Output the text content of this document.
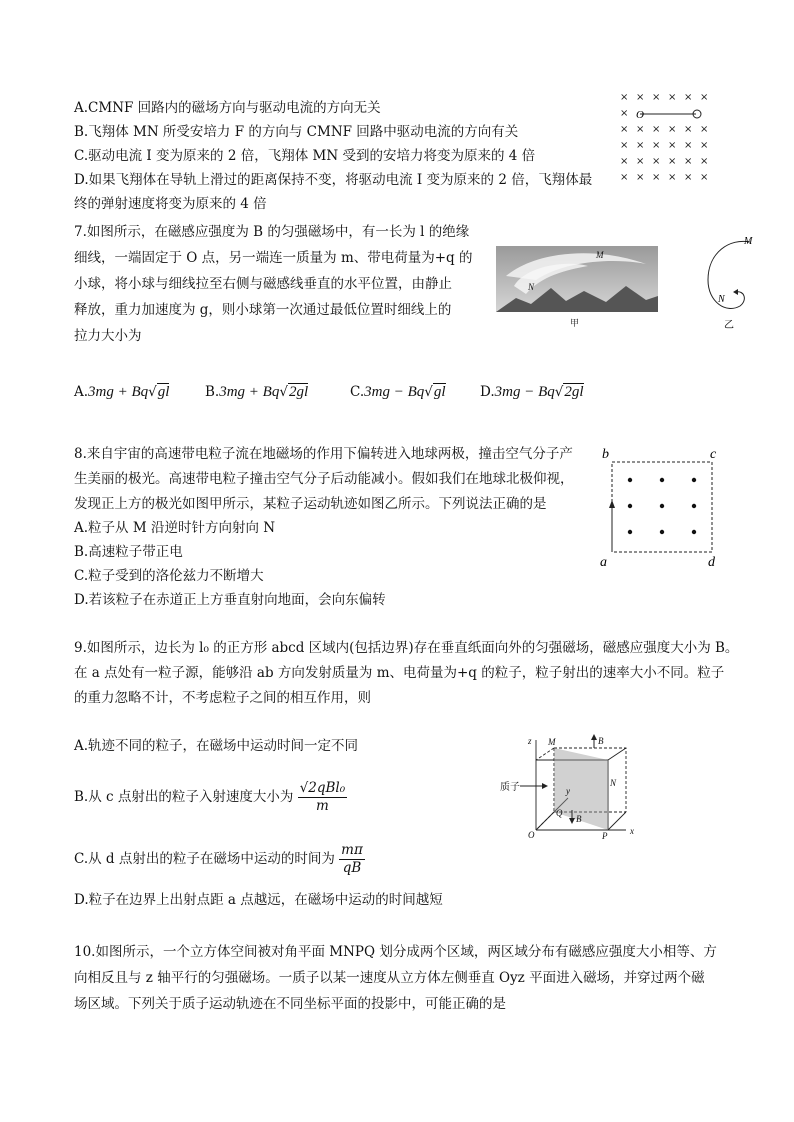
A.CMNF 回路内的磁场方向与驱动电流的方向无关
B.飞翔体 MN 所受安培力 F 的方向与 CMNF 回路中驱动电流的方向有关
C.驱动电流 I 变为原来的 2 倍，飞翔体 MN 受到的安培力将变为原来的 4 倍
D.如果飞翔体在导轨上滑过的距离保持不变，将驱动电流 I 变为原来的 2 倍，飞翔体最
终的弹射速度将变为原来的 4 倍
× × × × × ×
×
× × × × × ×
× × × × × ×
× × × × × ×
× × × × × ×
O
7.如图所示，在磁感应强度为 B 的匀强磁场中，有一长为 l 的绝缘
细线，一端固定于 O 点，另一端连一质量为 m、带电荷量为+q 的
小球，将小球与细线拉至右侧与磁感线垂直的水平位置，由静止
释放，重力加速度为 g，则小球第一次通过最低位置时细线上的
拉力大小为
A.3mg + Bq√gl	B.3mg + Bq√2gl	C.3mg − Bq√gl	D.3mg − Bq√2gl
M
N
甲
M
N
乙
8.来自宇宙的高速带电粒子流在地磁场的作用下偏转进入地球两极，撞击空气分子产
生美丽的极光。高速带电粒子撞击空气分子后动能减小。假如我们在地球北极仰视，
发现正上方的极光如图甲所示，某粒子运动轨迹如图乙所示。下列说法正确的是
A.粒子从 M 沿逆时针方向射向 N
B.高速粒子带正电
C.粒子受到的洛伦兹力不断增大
D.若该粒子在赤道正上方垂直射向地面，会向东偏转
b	c
a	d
9.如图所示，边长为 l₀ 的正方形 abcd 区域内(包括边界)存在垂直纸面向外的匀强磁场，磁感应强度大小为 B。
在 a 点处有一粒子源，能够沿 ab 方向发射质量为 m、电荷量为+q 的粒子，粒子射出的速率大小不同。粒子
的重力忽略不计，不考虑粒子之间的相互作用，则
A.轨迹不同的粒子，在磁场中运动时间一定不同
B.从 c 点射出的粒子入射速度大小为 $\frac{\text{√2qBl₀}}{m}$
C.从 d 点射出的粒子在磁场中运动的时间为 $\frac{m\pi}{qB}$
D.粒子在边界上出射点距 a 点越远，在磁场中运动的时间越短
z M	B
N
y
Q
B
O	P	x
质子
10.如图所示，一个立方体空间被对角平面 MNPQ 划分成两个区域，两区域分布有磁感应强度大小相等、方
向相反且与 z 轴平行的匀强磁场。一质子以某一速度从立方体左侧垂直 Oyz 平面进入磁场，并穿过两个磁
场区域。下列关于质子运动轨迹在不同坐标平面的投影中，可能正确的是
